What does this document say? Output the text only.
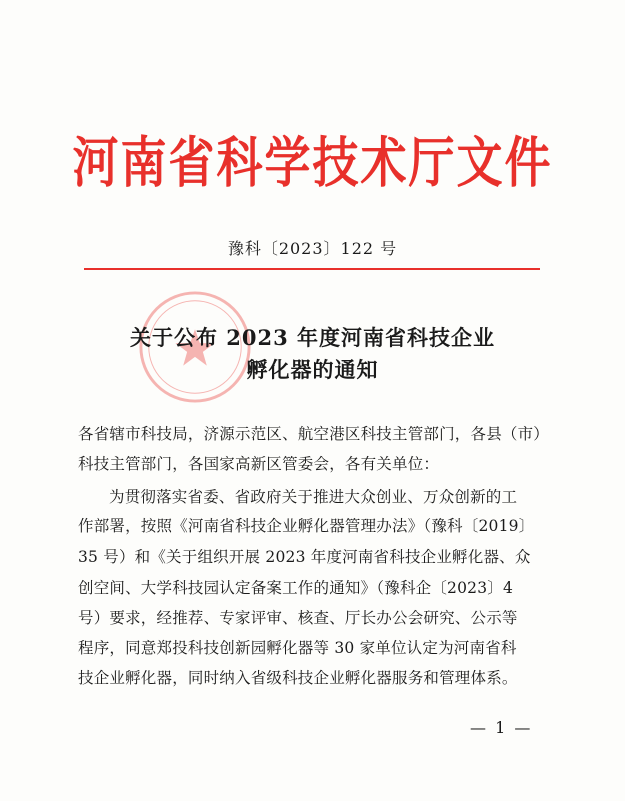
河南省科学技术厅文件
豫科〔2023〕122 号
关于公布 2023 年度河南省科技企业
孵化器的通知
各省辖市科技局，济源示范区、航空港区科技主管部门，各县（市）
科技主管部门，各国家高新区管委会，各有关单位：
为贯彻落实省委、省政府关于推进大众创业、万众创新的工
作部署，按照《河南省科技企业孵化器管理办法》（豫科〔2019〕
35 号）和《关于组织开展 2023 年度河南省科技企业孵化器、众
创空间、大学科技园认定备案工作的通知》（豫科企〔2023〕4
号）要求，经推荐、专家评审、核查、厅长办公会研究、公示等
程序，同意郑投科技创新园孵化器等 30 家单位认定为河南省科
技企业孵化器，同时纳入省级科技企业孵化器服务和管理体系。
— 1 —
